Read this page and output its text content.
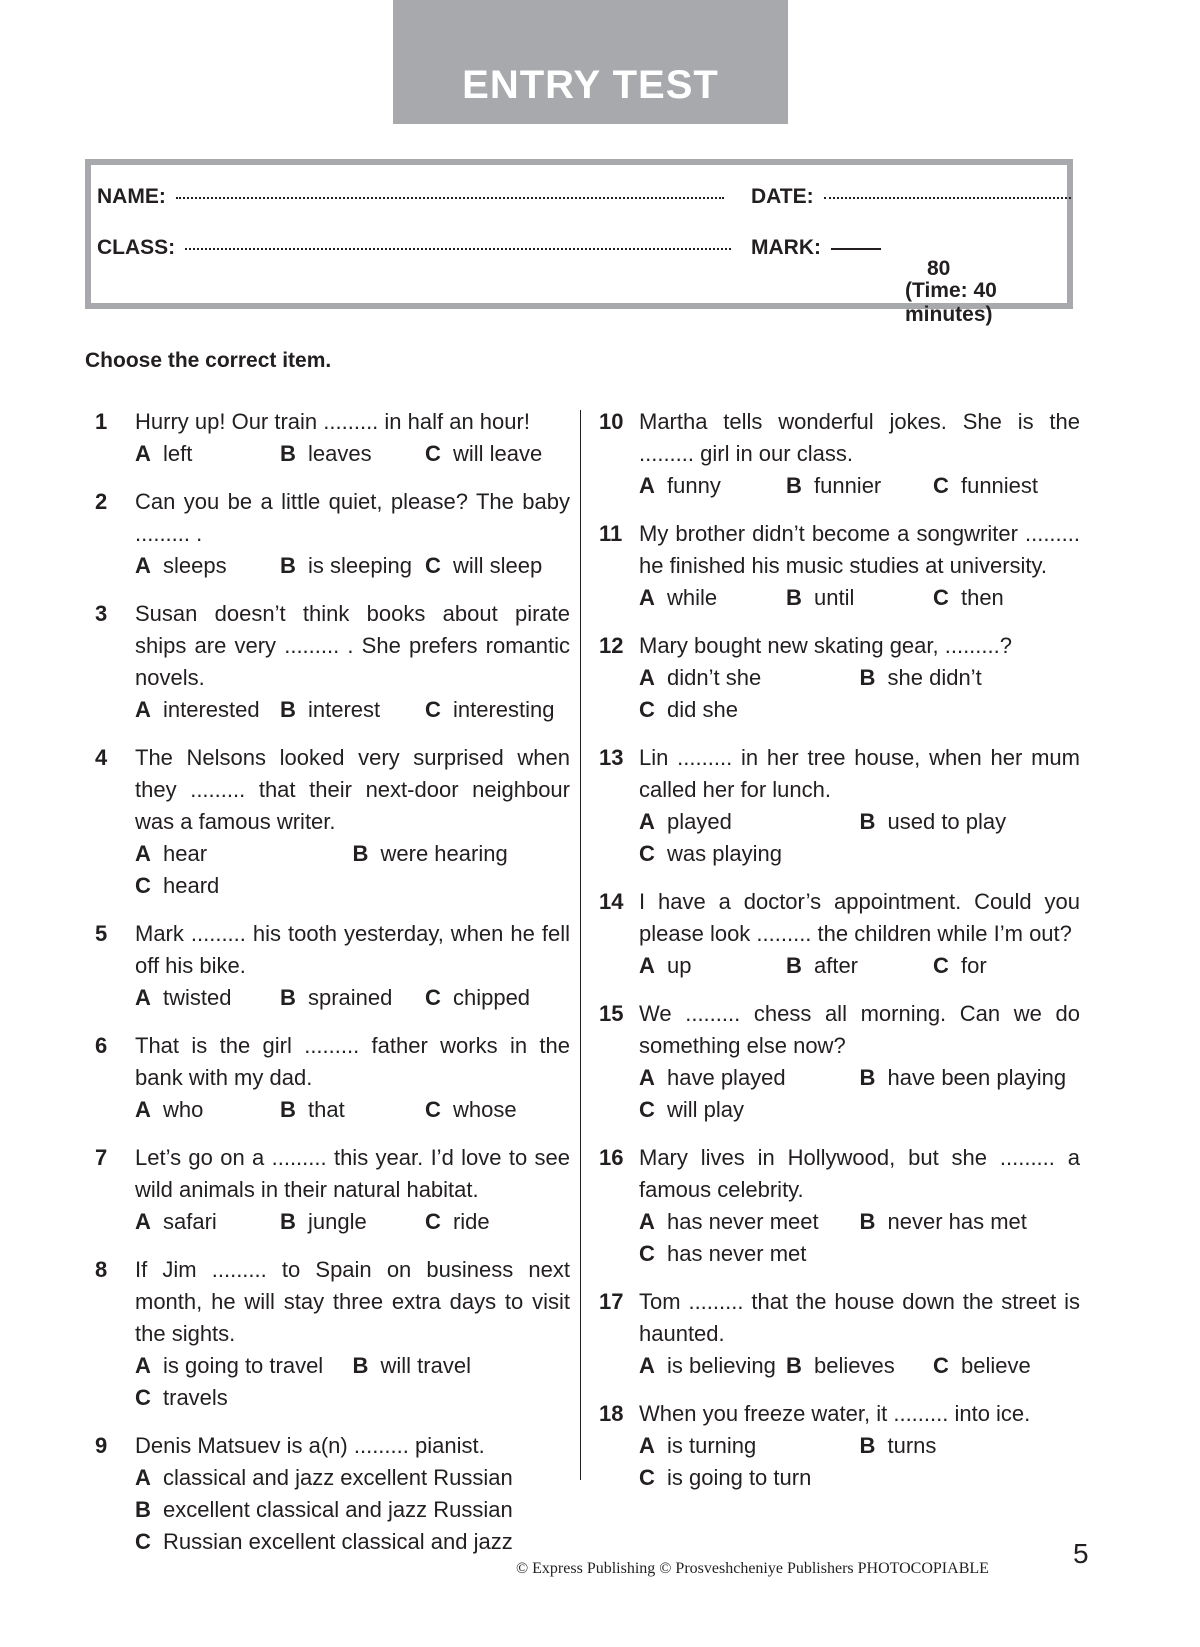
ENTRY TEST
NAME:
CLASS:
DATE:
MARK:
80
(Time: 40 minutes)

Choose the correct item.

1 Hurry up! Our train ......... in half an hour!
A left	B leaves	C will leave
2 Can you be a little quiet, please? The baby ......... .
A sleeps	B is sleeping C will sleep
3 Susan doesn’t think books about pirate ships are very ......... . She prefers romantic novels.
A interested B interest	C interesting
4 The Nelsons looked very surprised when they ......... that their next-door neighbour was a famous writer.
A hear	B were hearing
C heard
5 Mark ......... his tooth yesterday, when he fell off his bike.
A twisted	B sprained	C chipped
6 That is the girl ......... father works in the bank with my dad.
A who	B that	C whose
7 Let’s go on a ......... this year. I’d love to see wild animals in their natural habitat.
A safari	B jungle	C ride
8 If Jim ......... to Spain on business next month, he will stay three extra days to visit the sights.
A is going to travel	B will travel
C travels
9 Denis Matsuev is a(n) ......... pianist.
A classical and jazz excellent Russian
B excellent classical and jazz Russian
C Russian excellent classical and jazz
10 Martha tells wonderful jokes. She is the ......... girl in our class.
A funny	B funnier	C funniest
11 My brother didn’t become a songwriter ......... he finished his music studies at university.
A while	B until	C then
12 Mary bought new skating gear, .........?
A didn’t she	B she didn’t
C did she
13 Lin ......... in her tree house, when her mum called her for lunch.
A played	B used to play
C was playing
14 I have a doctor’s appointment. Could you please look ......... the children while I’m out?
A up	B after	C for
15 We ......... chess all morning. Can we do something else now?
A have played	B have been playing
C will play
16 Mary lives in Hollywood, but she ......... a famous celebrity.
A has never meet	B never has met
C has never met
17 Tom ......... that the house down the street is haunted.
A is believing B believes	C believe
18 When you freeze water, it ......... into ice.
A is turning	B turns
C is going to turn
© Express Publishing © Prosveshcheniye Publishers PHOTOCOPIABLE	5
